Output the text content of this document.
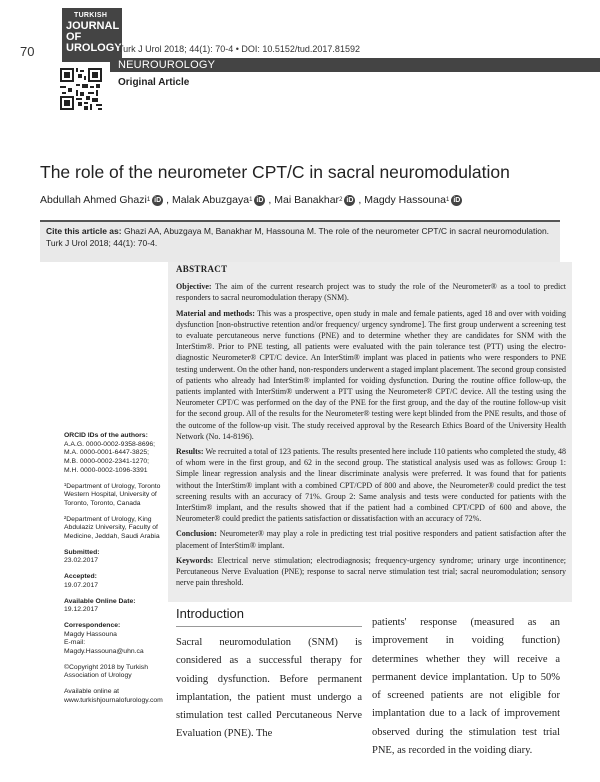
70
TURKISH
JOURNAL OF
UROLOGY
Turk J Urol 2018; 44(1): 70-4 • DOI: 10.5152/tud.2017.81592
NEUROUROLOGY
Original Article
The role of the neurometer CPT/C in sacral neuromodulation
Abdullah Ahmed Ghazi 1 iD , Malak Abuzgaya 1 iD , Mai Banakhar 2 iD , Magdy Hassouna 1 iD
Cite this article as: Ghazi AA, Abuzgaya M, Banakhar M, Hassouna M. The role of the neurometer CPT/C in sacral neuromodulation. Turk J Urol 2018; 44(1): 70-4.

ABSTRACT

Objective: The aim of the current research project was to study the role of the Neurometer® as a tool to predict responders to sacral neuromodulation therapy (SNM).

Material and methods: This was a prospective, open study in male and female patients, aged 18 and over with voiding dysfunction [non-obstructive retention and/or frequency/ urgency syndrome]. The first group underwent a screening test to evaluate percutaneous nerve functions (PNE) and to determine whether they are candidates for SNM with the InterStim®. Prior to PNE testing, all patients were evaluated with the pain tolerance test (PTT) using the electro-diagnostic Neurometer® CPT/C device. An InterStim® implant was placed in patients who were responders to PNE testing underwent. On the other hand, non-responders underwent a staged implant placement. The second group consisted of patients who already had InterStim® implanted for voiding dysfunction. During the routine office follow-up, the patients implanted with InterStim® underwent a PTT using the Neurometer® CPT/C device. All the testing using the Neurometer CPT/C was performed on the day of the PNE for the first group, and the day of the routine follow-up visit for the second group. All of the results for the Neurometer® testing were kept blinded from the PNE results, and those of the outcome of the follow-up visit. The study received approval by the Research Ethics Board of the University Health Network (No. 14-8196).

Results: We recruited a total of 123 patients. The results presented here include 110 patients who completed the study, 48 of whom were in the first group, and 62 in the second group. The statistical analysis used was as follows: Group 1: Simple linear regression analysis and the linear discriminate analysis were preferred. It was found that for patients without the InterStim® implant with a combined CPT/CPD of 800 and above, the Neurometer® could predict the test screening results with an accuracy of 71%. Group 2: Same analysis and tests were conducted for patients with the InterStim® implant, and the results showed that if the patient had a combined CPT/CPD of 600 and above, the Neurometer® could predict the patients satisfaction or dissatisfaction with an accuracy of 72%.

Conclusion: Neurometer® may play a role in predicting test trial positive responders and patient satisfaction after the placement of InterStim® implant.

Keywords: Electrical nerve stimulation; electrodiagnosis; frequency-urgency syndrome; urinary urge incontinence; Percutaneous Nerve Evaluation (PNE); response to sacral nerve stimulation test trial; sacral neuromodulation; sensory nerve pain threshold.

ORCID IDs of the authors:
A.A.G. 0000-0002-9358-8696;
M.A. 0000-0001-6447-3825;
M.B. 0000-0002-2341-1270;
M.H. 0000-0002-1096-3391
¹Department of Urology, Toronto Western Hospital, University of Toronto, Toronto, Canada
²Department of Urology, King Abdulaziz University, Faculty of Medicine, Jeddah, Saudi Arabia
Submitted:
23.02.2017
Accepted:
19.07.2017
Available Online Date:
19.12.2017
Correspondence:
Magdy Hassouna
E-mail:
Magdy.Hassouna@uhn.ca
©Copyright 2018 by Turkish Association of Urology
Available online at
www.turkishjournalofurology.com
Introduction
Sacral neuromodulation (SNM) is considered as a successful therapy for voiding dysfunction. Before permanent implantation, the patient must undergo a stimulation test called Percutaneous Nerve Evaluation (PNE). The
patients' response (measured as an improvement in voiding function) determines whether they will receive a permanent device implantation. Up to 50% of screened patients are not eligible for implantation due to a lack of improvement observed during the stimulation test trial PNE, as recorded in the voiding diary.
